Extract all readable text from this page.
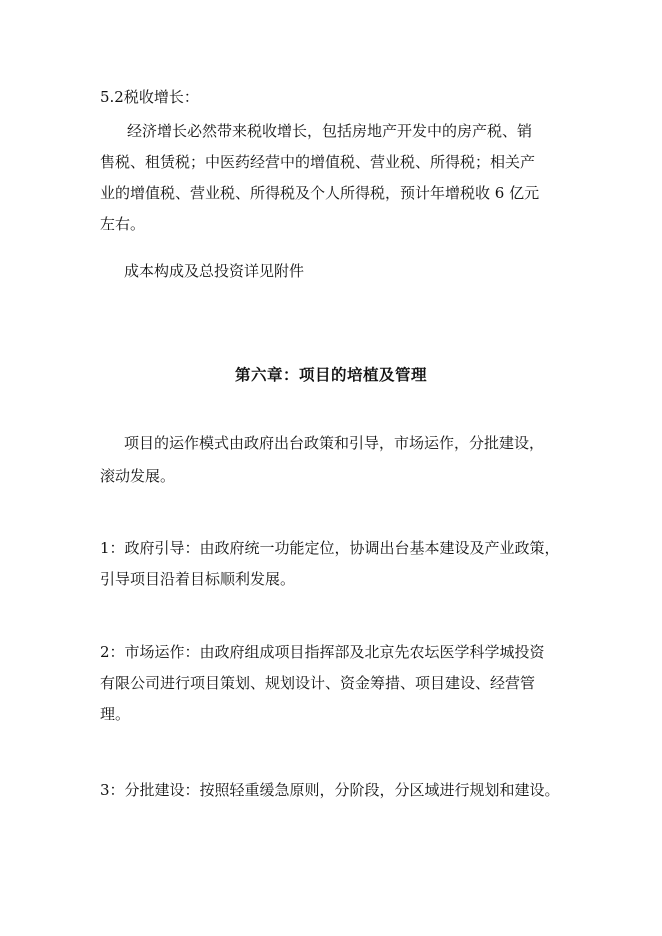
5.2税收增长：

　经济增长必然带来税收增长，包括房地产开发中的房产税、销

售税、租赁税；中医药经营中的增值税、营业税、所得税；相关产
业的增值税、营业税、所得税及个人所得税，预计年增税收 6 亿元
左右。

成本构成及总投资详见附件

第六章：项目的培植及管理

项目的运作模式由政府出台政策和引导，市场运作，分批建设，

滚动发展。

1：政府引导：由政府统一功能定位，协调出台基本建设及产业政策，
引导项目沿着目标顺利发展。

2：市场运作：由政府组成项目指挥部及北京先农坛医学科学城投资
有限公司进行项目策划、规划设计、资金筹措、项目建设、经营管
理。

3：分批建设：按照轻重缓急原则，分阶段，分区域进行规划和建设。
